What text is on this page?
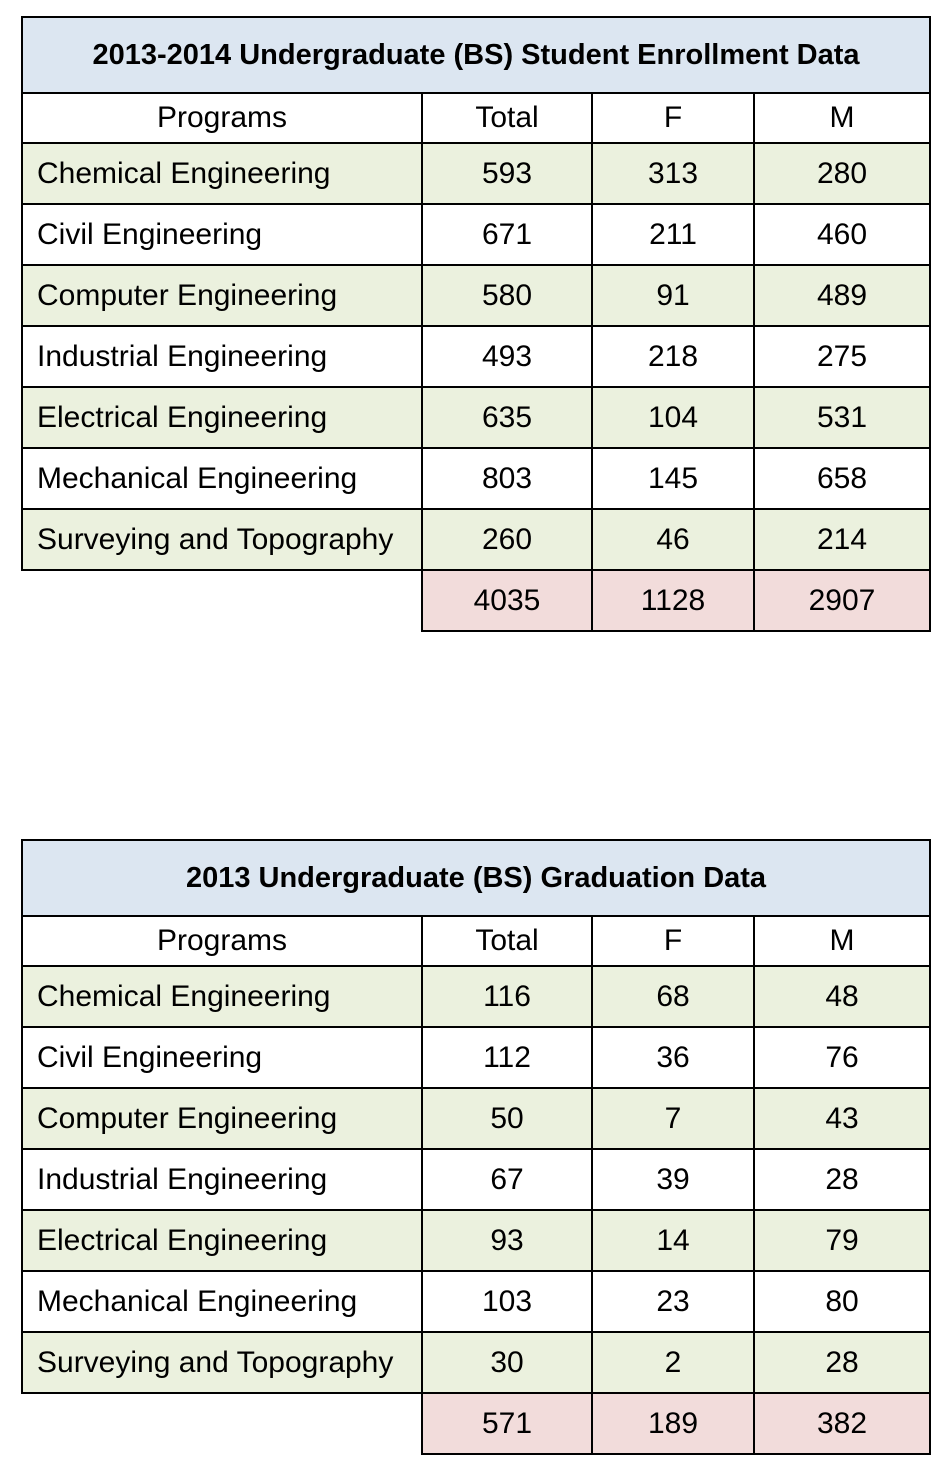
2013-2014 Undergraduate (BS) Student Enrollment Data			
Programs	Total	F	M
Chemical Engineering	593	313	280
Civil Engineering	671	211	460
Computer Engineering	580	91	489
Industrial Engineering	493	218	275
Electrical Engineering	635	104	531
Mechanical Engineering	803	145	658
Surveying and Topography	260	46	214
	4035	1128	2907
2013 Undergraduate (BS) Graduation Data			
Programs	Total	F	M
Chemical Engineering	116	68	48
Civil Engineering	112	36	76
Computer Engineering	50	7	43
Industrial Engineering	67	39	28
Electrical Engineering	93	14	79
Mechanical Engineering	103	23	80
Surveying and Topography	30	2	28
	571	189	382
